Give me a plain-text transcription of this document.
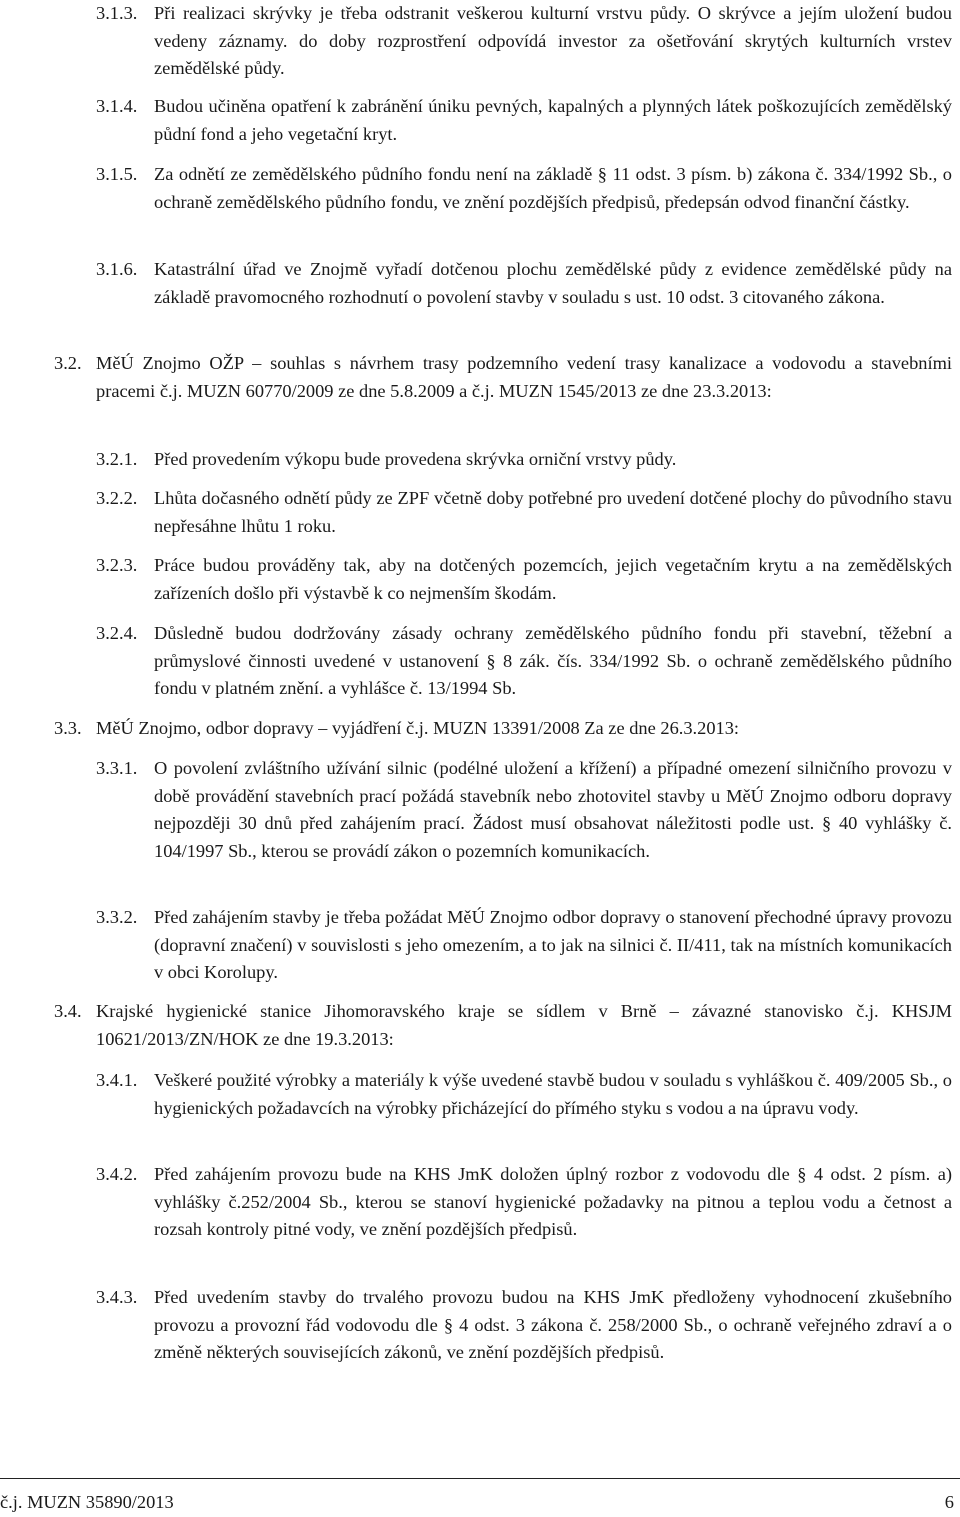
3.1.3. Při realizaci skrývky je třeba odstranit veškerou kulturní vrstvu půdy. O skrývce a jejím uložení budou vedeny záznamy. do doby rozprostření odpovídá investor za ošetřování skrytých kulturních vrstev zemědělské půdy.
3.1.4. Budou učiněna opatření k zabránění úniku pevných, kapalných a plynných látek poškozujících zemědělský půdní fond a jeho vegetační kryt.
3.1.5. Za odnětí ze zemědělského půdního fondu není na základě § 11 odst. 3 písm. b) zákona č. 334/1992 Sb., o ochraně zemědělského půdního fondu, ve znění pozdějších předpisů, předepsán odvod finanční částky.
3.1.6. Katastrální úřad ve Znojmě vyřadí dotčenou plochu zemědělské půdy z evidence zemědělské půdy na základě pravomocného rozhodnutí o povolení stavby v souladu s ust. 10 odst. 3 citovaného zákona.
3.2. MěÚ Znojmo OŽP – souhlas s návrhem trasy podzemního vedení trasy kanalizace a vodovodu a stavebními pracemi č.j. MUZN 60770/2009 ze dne 5.8.2009 a č.j. MUZN 1545/2013 ze dne 23.3.2013:
3.2.1. Před provedením výkopu bude provedena skrývka orniční vrstvy půdy.
3.2.2. Lhůta dočasného odnětí půdy ze ZPF včetně doby potřebné pro uvedení dotčené plochy do původního stavu nepřesáhne lhůtu 1 roku.
3.2.3. Práce budou prováděny tak, aby na dotčených pozemcích, jejich vegetačním krytu a na zemědělských zařízeních došlo při výstavbě k co nejmenším škodám.
3.2.4. Důsledně budou dodržovány zásady ochrany zemědělského půdního fondu při stavební, těžební a průmyslové činnosti uvedené v ustanovení § 8 zák. čís. 334/1992 Sb. o ochraně zemědělského půdního fondu v platném znění. a vyhlášce č. 13/1994 Sb.
3.3. MěÚ Znojmo, odbor dopravy – vyjádření č.j. MUZN 13391/2008 Za ze dne 26.3.2013:
3.3.1. O povolení zvláštního užívání silnic (podélné uložení a křížení) a případné omezení silničního provozu v době provádění stavebních prací požádá stavebník nebo zhotovitel stavby u MěÚ Znojmo odboru dopravy nejpozději 30 dnů před zahájením prací. Žádost musí obsahovat náležitosti podle ust. § 40 vyhlášky č. 104/1997 Sb., kterou se provádí zákon o pozemních komunikacích.
3.3.2. Před zahájením stavby je třeba požádat MěÚ Znojmo odbor dopravy o stanovení přechodné úpravy provozu (dopravní značení) v souvislosti s jeho omezením, a to jak na silnici č. II/411, tak na místních komunikacích v obci Korolupy.
3.4. Krajské hygienické stanice Jihomoravského kraje se sídlem v Brně – závazné stanovisko č.j. KHSJM 10621/2013/ZN/HOK ze dne 19.3.2013:
3.4.1. Veškeré použité výrobky a materiály k výše uvedené stavbě budou v souladu s vyhláškou č. 409/2005 Sb., o hygienických požadavcích na výrobky přicházející do přímého styku s vodou a na úpravu vody.
3.4.2. Před zahájením provozu bude na KHS JmK doložen úplný rozbor z vodovodu dle § 4 odst. 2 písm. a) vyhlášky č.252/2004 Sb., kterou se stanoví hygienické požadavky na pitnou a teplou vodu a četnost a rozsah kontroly pitné vody, ve znění pozdějších předpisů.
3.4.3. Před uvedením stavby do trvalého provozu budou na KHS JmK předloženy vyhodnocení zkušebního provozu a provozní řád vodovodu dle § 4 odst. 3 zákona č. 258/2000 Sb., o ochraně veřejného zdraví a o změně některých souvisejících zákonů, ve znění pozdějších předpisů.
č.j. MUZN 35890/2013	6
